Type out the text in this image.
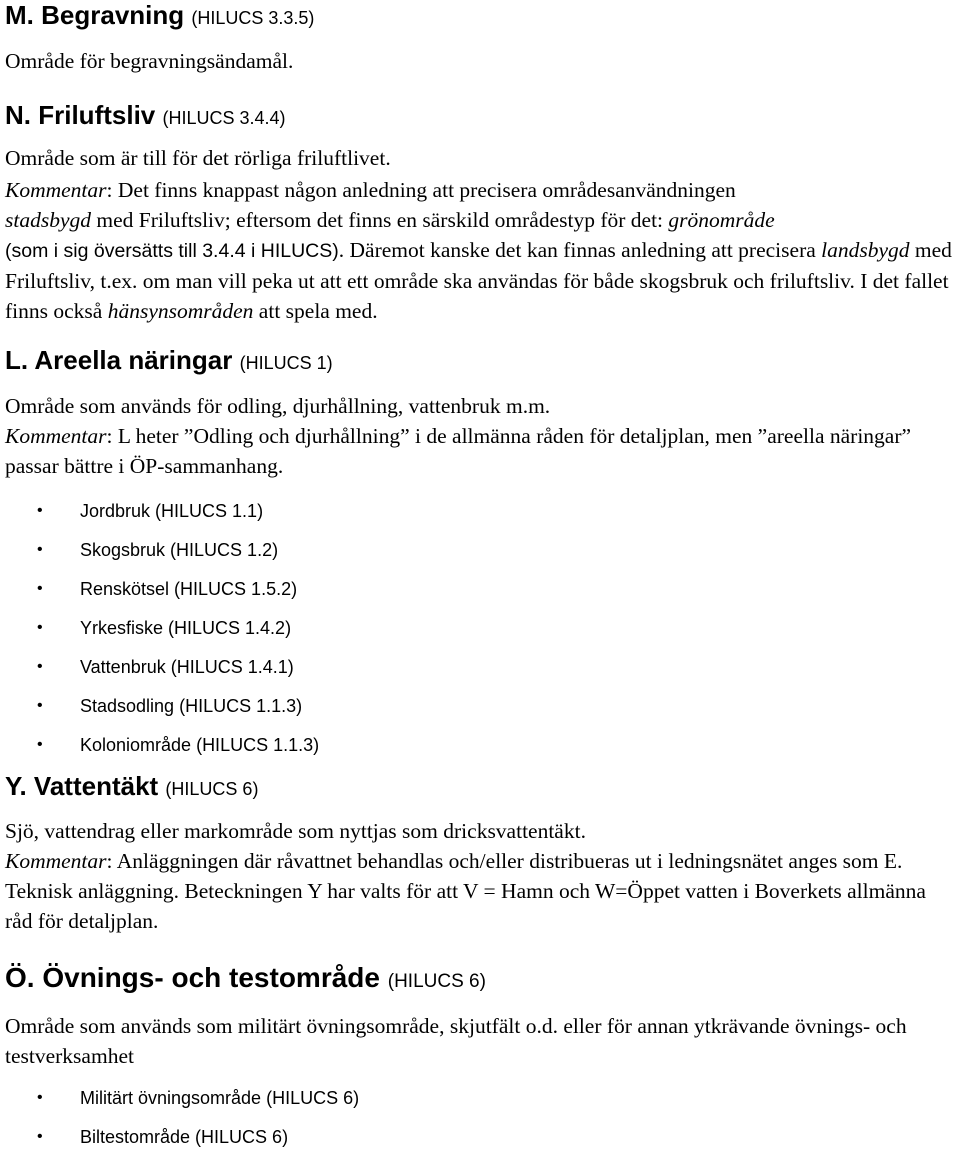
M. Begravning (HILUCS 3.3.5)

Område för begravningsändamål.

N. Friluftsliv (HILUCS 3.4.4)

Område som är till för det rörliga friluftlivet.

Kommentar: Det finns knappast någon anledning att precisera områdesanvändningen
stadsbygd med Friluftsliv; eftersom det finns en särskild områdestyp för det: grönområde
(som i sig översätts till 3.4.4 i HILUCS). Däremot kanske det kan finnas anledning att precisera landsbygd med Friluftsliv, t.ex. om man vill peka ut att ett område ska användas för både skogsbruk och friluftsliv. I det fallet finns också hänsynsområden att spela med.

L. Areella näringar (HILUCS 1)

Område som används för odling, djurhållning, vattenbruk m.m.

Kommentar: L heter ”Odling och djurhållning” i de allmänna råden för detaljplan, men ”areella näringar” passar bättre i ÖP-sammanhang.

• Jordbruk (HILUCS 1.1)
• Skogsbruk (HILUCS 1.2)
• Renskötsel (HILUCS 1.5.2)
• Yrkesfiske (HILUCS 1.4.2)
• Vattenbruk (HILUCS 1.4.1)
• Stadsodling (HILUCS 1.1.3)
• Koloniområde (HILUCS 1.1.3)
Y. Vattentäkt (HILUCS 6)

Sjö, vattendrag eller markområde som nyttjas som dricksvattentäkt.

Kommentar: Anläggningen där råvattnet behandlas och/eller distribueras ut i ledningsnätet anges som E. Teknisk anläggning. Beteckningen Y har valts för att V = Hamn och W=Öppet vatten i Boverkets allmänna råd för detaljplan.

Ö. Övnings- och testområde (HILUCS 6)

Område som används som militärt övningsområde, skjutfält o.d. eller för annan ytkrävande övnings- och testverksamhet

• Militärt övningsområde (HILUCS 6)
• Biltestområde (HILUCS 6)
